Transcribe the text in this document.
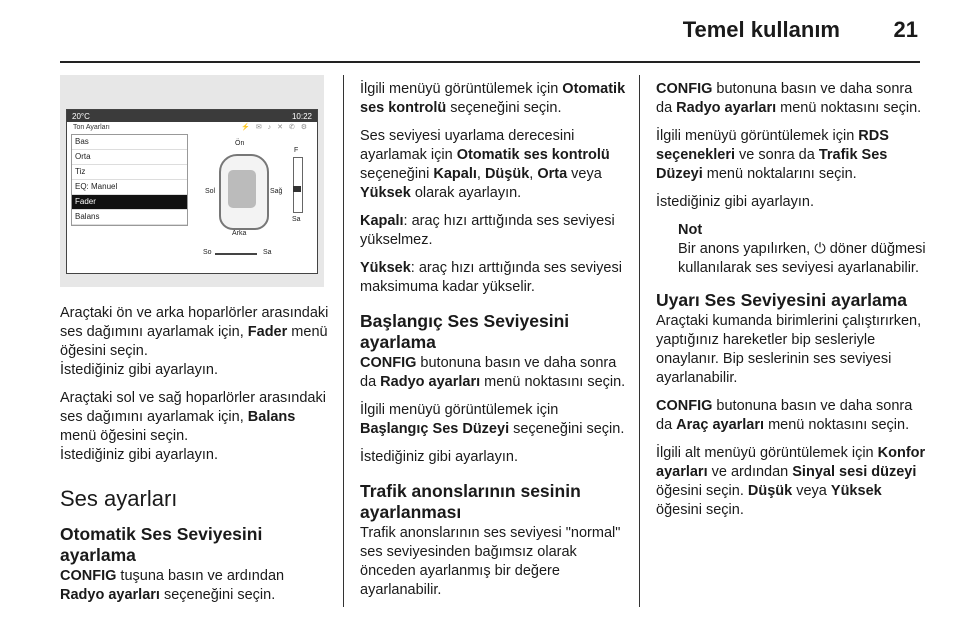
Temel kullanım 21
20°C	10:22
Ton Ayarları	⚡ ✉ ♪ ✕ ✆ ⚙
Bas
Orta
Tiz
EQ: Manuel
Fader
Balans
Ön
Arka
Sol	Sağ
F
Sa
So	Sa

Araçtaki ön ve arka hoparlörler arasındaki ses dağımını ayarlamak için, Fader menü öğesini seçin.
İstediğiniz gibi ayarlayın.

Araçtaki sol ve sağ hoparlörler arasındaki ses dağımını ayarlamak için, Balans menü öğesini seçin.
İstediğiniz gibi ayarlayın.

Ses ayarları
Otomatik Ses Seviyesini ayarlama

CONFIG tuşuna basın ve ardından Radyo ayarları seçeneğini seçin.

İlgili menüyü görüntülemek için Otomatik ses kontrolü seçeneğini seçin.

Ses seviyesi uyarlama derecesini ayarlamak için Otomatik ses kontrolü seçeneğini Kapalı, Düşük, Orta veya Yüksek olarak ayarlayın.

Kapalı: araç hızı arttığında ses seviyesi yükselmez.

Yüksek: araç hızı arttığında ses seviyesi maksimuma kadar yükselir.

Başlangıç Ses Seviyesini ayarlama

CONFIG butonuna basın ve daha sonra da Radyo ayarları menü noktasını seçin.

İlgili menüyü görüntülemek için Başlangıç Ses Düzeyi seçeneğini seçin.

İstediğiniz gibi ayarlayın.

Trafik anonslarının sesinin ayarlanması

Trafik anonslarının ses seviyesi "normal" ses seviyesinden bağımsız olarak önceden ayarlanmış bir değere ayarlanabilir.

CONFIG butonuna basın ve daha sonra da Radyo ayarları menü noktasını seçin.

İlgili menüyü görüntülemek için RDS seçenekleri ve sonra da Trafik Ses Düzeyi menü noktalarını seçin.

İstediğiniz gibi ayarlayın.

Not
Bir anons yapılırken, ⏻ döner düğmesi kullanılarak ses seviyesi ayarlanabilir.
Uyarı Ses Seviyesini ayarlama

Araçtaki kumanda birimlerini çalıştırırken, yaptığınız hareketler bip sesleriyle onaylanır. Bip seslerinin ses seviyesi ayarlanabilir.

CONFIG butonuna basın ve daha sonra da Araç ayarları menü noktasını seçin.

İlgili alt menüyü görüntülemek için Konfor ayarları ve ardından Sinyal sesi düzeyi öğesini seçin. Düşük veya Yüksek öğesini seçin.
